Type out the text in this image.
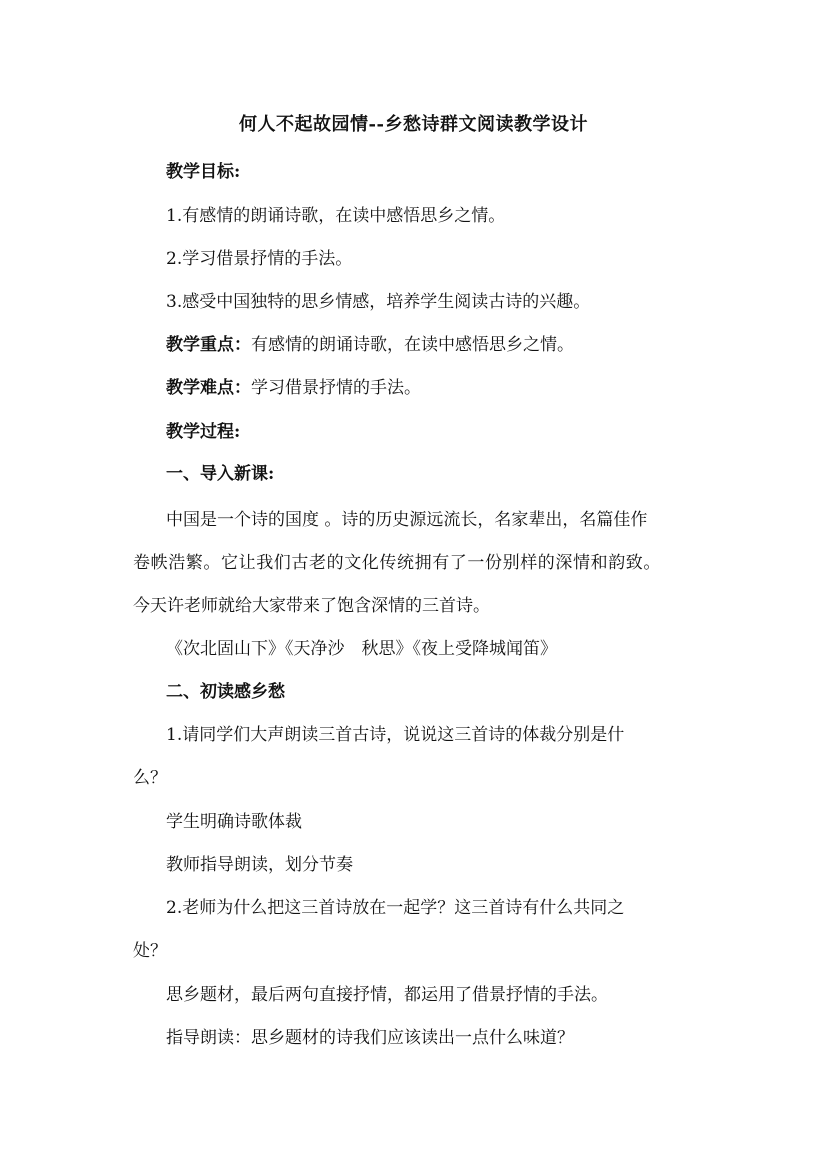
何人不起故园情--乡愁诗群文阅读教学设计
教学目标:
1.有感情的朗诵诗歌，在读中感悟思乡之情。
2.学习借景抒情的手法。
3.感受中国独特的思乡情感，培养学生阅读古诗的兴趣。
教学重点：有感情的朗诵诗歌，在读中感悟思乡之情。
教学难点：学习借景抒情的手法。
教学过程:
一、导入新课:
中国是一个诗的国度 。诗的历史源远流长，名家辈出，名篇佳作
卷帙浩繁。它让我们古老的文化传统拥有了一份别样的深情和韵致。
今天许老师就给大家带来了饱含深情的三首诗。
《次北固山下》《天净沙　秋思》《夜上受降城闻笛》
二、初读感乡愁
1.请同学们大声朗读三首古诗，说说这三首诗的体裁分别是什
么？
学生明确诗歌体裁
教师指导朗读，划分节奏
2.老师为什么把这三首诗放在一起学？这三首诗有什么共同之
处？
思乡题材，最后两句直接抒情，都运用了借景抒情的手法。
指导朗读：思乡题材的诗我们应该读出一点什么味道？
